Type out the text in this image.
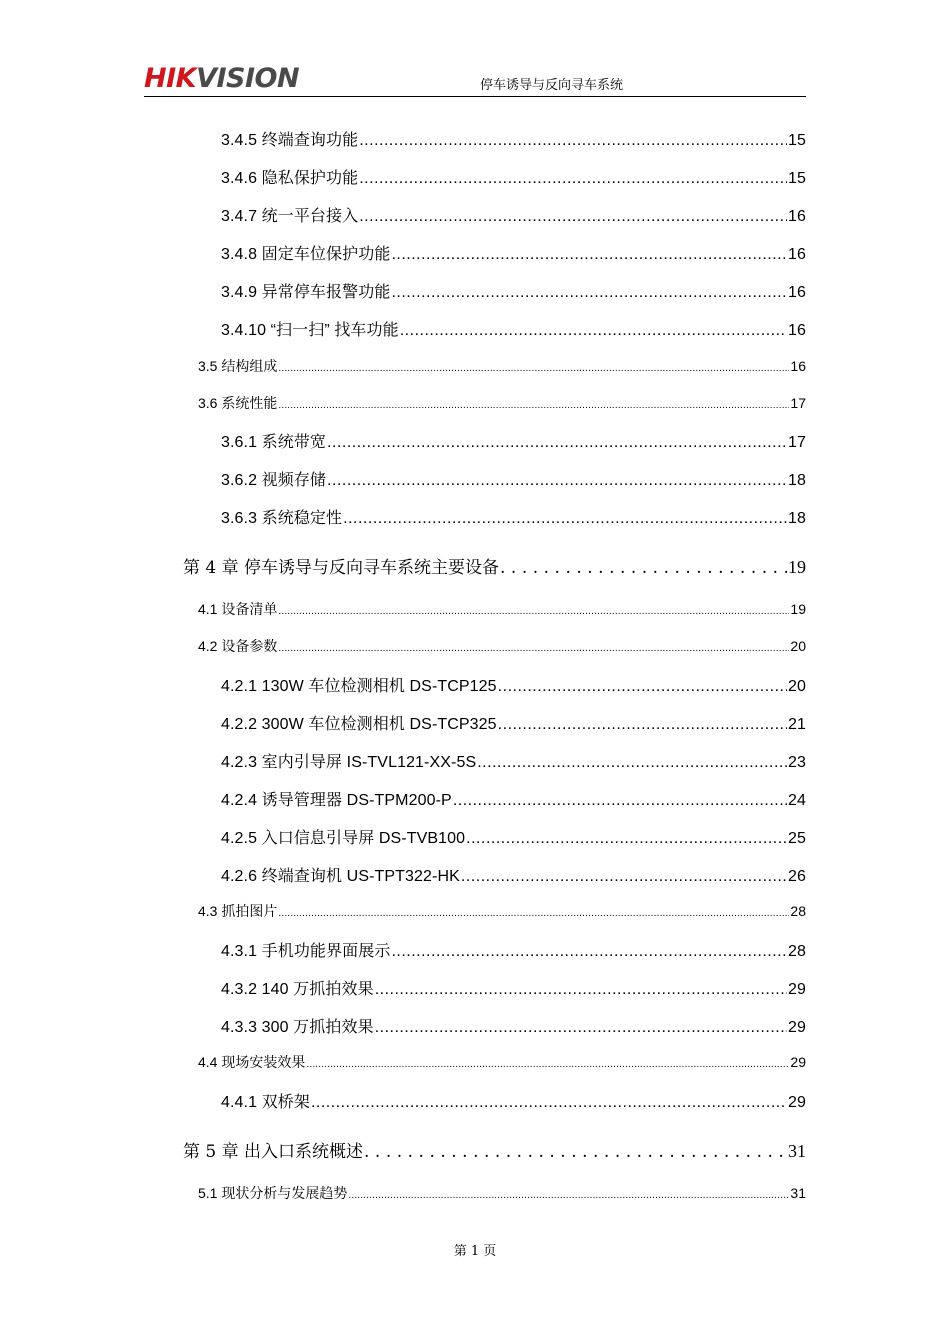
HIKVISION	停车诱导与反向寻车系统
3.4.5 终端查询功能 .....	15
3.4.6 隐私保护功能 .....	15
3.4.7 统一平台接入 .....	16
3.4.8 固定车位保护功能 .....	16
3.4.9 异常停车报警功能 .....	16
3.4.10 “扫一扫” 找车功能 .....	16
3.5 结构组成 .....	16
3.6 系统性能 .....	17
3.6.1 系统带宽 .....	17
3.6.2 视频存储 .....	18
3.6.3 系统稳定性 .....	18
第 4 章 停车诱导与反向寻车系统主要设备 .....	19
4.1 设备清单 .....	19
4.2 设备参数 .....	20
4.2.1 130W 车位检测相机 DS-TCP125 .....	20
4.2.2 300W 车位检测相机 DS-TCP325 .....	21
4.2.3 室内引导屏 IS-TVL121-XX-5S .....	23
4.2.4 诱导管理器 DS-TPM200-P .....	24
4.2.5 入口信息引导屏 DS-TVB100 .....	25
4.2.6 终端查询机 US-TPT322-HK .....	26
4.3 抓拍图片 .....	28
4.3.1 手机功能界面展示 .....	28
4.3.2 140 万抓拍效果 .....	29
4.3.3 300 万抓拍效果 .....	29
4.4 现场安装效果 .....	29
4.4.1 双桥架 .....	29
第 5 章 出入口系统概述 .....	31
5.1 现状分析与发展趋势 .....	31
第 1 页
